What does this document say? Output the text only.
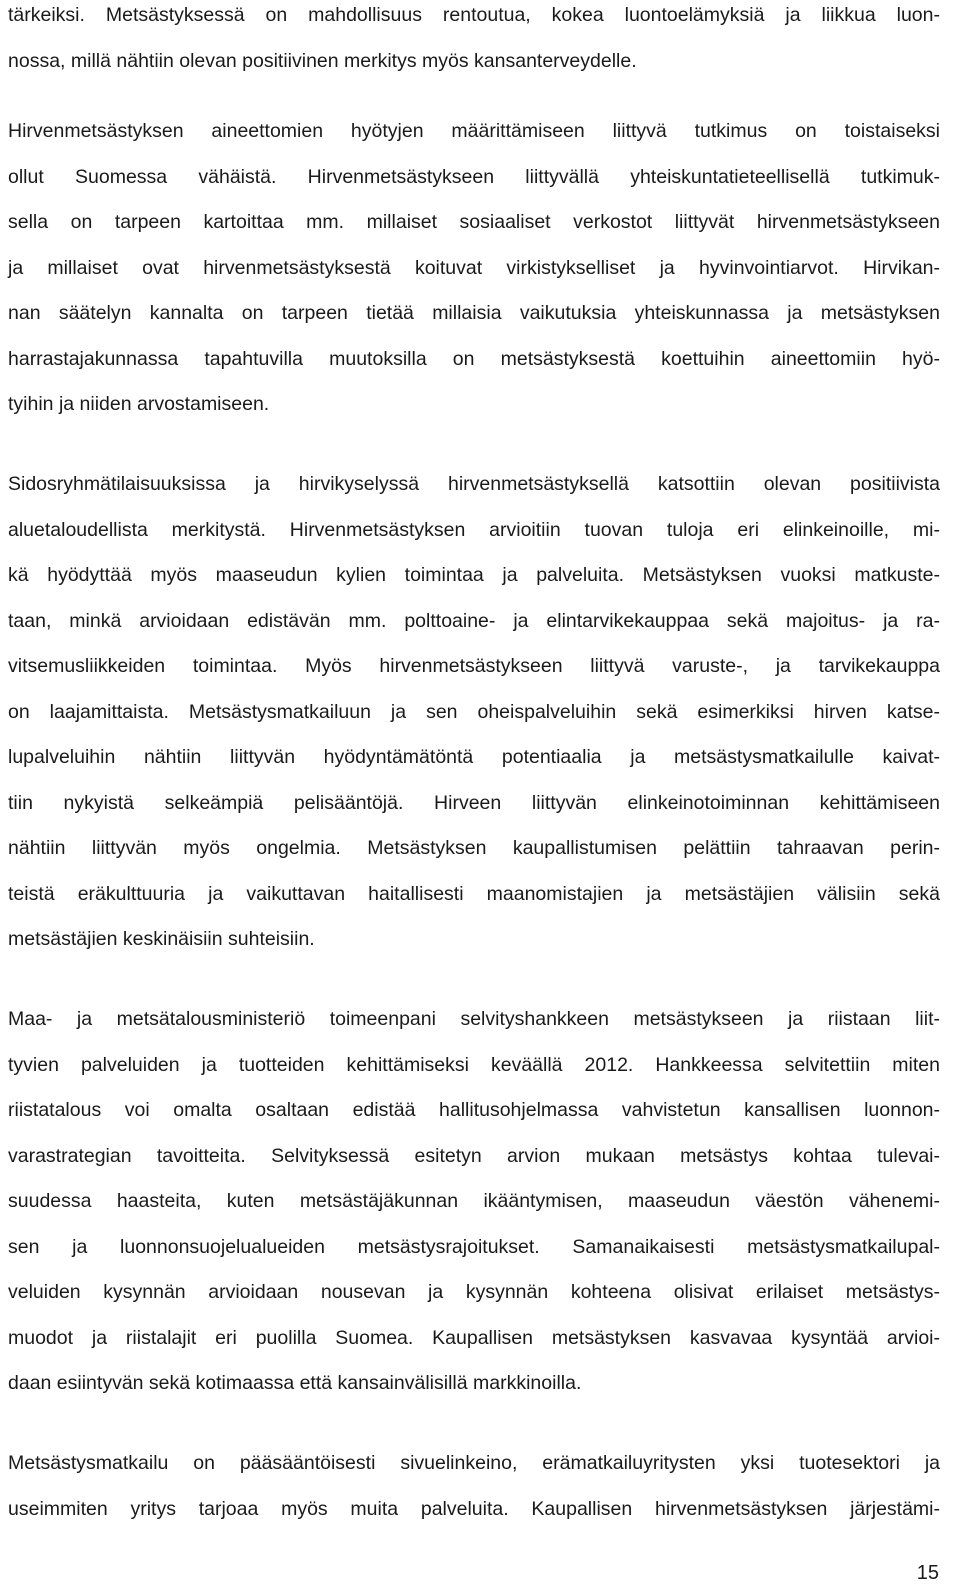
tärkeiksi. Metsästyksessä on mahdollisuus rentoutua, kokea luontoelämyksiä ja liikkua luon-
nossa, millä nähtiin olevan positiivinen merkitys myös kansanterveydelle.
Hirvenmetsästyksen aineettomien hyötyjen määrittämiseen liittyvä tutkimus on toistaiseksi
ollut Suomessa vähäistä. Hirvenmetsästykseen liittyvällä yhteiskuntatieteellisellä tutkimuk-
sella on tarpeen kartoittaa mm. millaiset sosiaaliset verkostot liittyvät hirvenmetsästykseen
ja millaiset ovat hirvenmetsästyksestä koituvat virkistykselliset ja hyvinvointiarvot. Hirvikan-
nan säätelyn kannalta on tarpeen tietää millaisia vaikutuksia yhteiskunnassa ja metsästyksen
harrastajakunnassa tapahtuvilla muutoksilla on metsästyksestä koettuihin aineettomiin hyö-
tyihin ja niiden arvostamiseen.
Sidosryhmätilaisuuksissa ja hirvikyselyssä hirvenmetsästyksellä katsottiin olevan positiivista
aluetaloudellista merkitystä. Hirvenmetsästyksen arvioitiin tuovan tuloja eri elinkeinoille, mi-
kä hyödyttää myös maaseudun kylien toimintaa ja palveluita. Metsästyksen vuoksi matkuste-
taan, minkä arvioidaan edistävän mm. polttoaine- ja elintarvikekauppaa sekä majoitus- ja ra-
vitsemusliikkeiden toimintaa. Myös hirvenmetsästykseen liittyvä varuste-, ja tarvikekauppa
on laajamittaista. Metsästysmatkailuun ja sen oheispalveluihin sekä esimerkiksi hirven katse-
lupalveluihin nähtiin liittyvän hyödyntämätöntä potentiaalia ja metsästysmatkailulle kaivat-
tiin nykyistä selkeämpiä pelisääntöjä. Hirveen liittyvän elinkeinotoiminnan kehittämiseen
nähtiin liittyvän myös ongelmia. Metsästyksen kaupallistumisen pelättiin tahraavan perin-
teistä eräkulttuuria ja vaikuttavan haitallisesti maanomistajien ja metsästäjien välisiin sekä
metsästäjien keskinäisiin suhteisiin.
Maa- ja metsätalousministeriö toimeenpani selvityshankkeen metsästykseen ja riistaan liit-
tyvien palveluiden ja tuotteiden kehittämiseksi keväällä 2012. Hankkeessa selvitettiin miten
riistatalous voi omalta osaltaan edistää hallitusohjelmassa vahvistetun kansallisen luonnon-
varastrategian tavoitteita. Selvityksessä esitetyn arvion mukaan metsästys kohtaa tulevai-
suudessa haasteita, kuten metsästäjäkunnan ikääntymisen, maaseudun väestön vähenemi-
sen ja luonnonsuojelualueiden metsästysrajoitukset. Samanaikaisesti metsästysmatkailupal-
veluiden kysynnän arvioidaan nousevan ja kysynnän kohteena olisivat erilaiset metsästys-
muodot ja riistalajit eri puolilla Suomea. Kaupallisen metsästyksen kasvavaa kysyntää arvioi-
daan esiintyvän sekä kotimaassa että kansainvälisillä markkinoilla.
Metsästysmatkailu on pääsääntöisesti sivuelinkeino, erämatkailuyritysten yksi tuotesektori ja
useimmiten yritys tarjoaa myös muita palveluita. Kaupallisen hirvenmetsästyksen järjestämi-
15
